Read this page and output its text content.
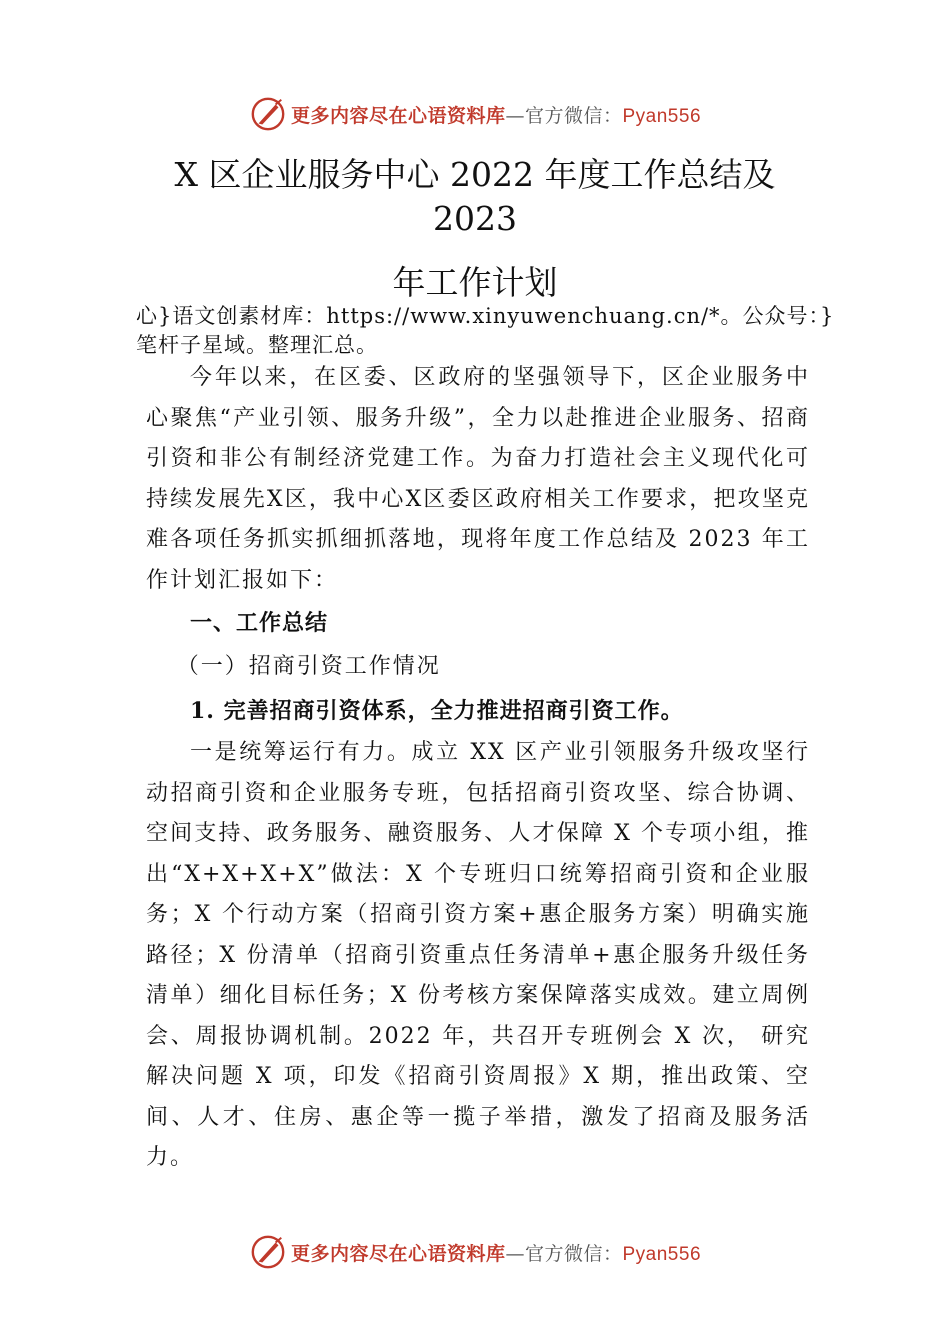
更多内容尽在心语资料库—官方微信：Pyan556
X 区企业服务中心 2022 年度工作总结及
2023
年工作计划

心}语文创素材库：https://www.xinyuwenchuang.cn/*。公众号：}笔杆子星域。整理汇总。

今年以来，在区委、区政府的坚强领导下，区企业服务中心聚焦“产业引领、服务升级”，全力以赴推进企业服务、招商引资和非公有制经济党建工作。为奋力打造社会主义现代化可持续发展先X区，我中心X区委区政府相关工作要求，把攻坚克难各项任务抓实抓细抓落地，现将年度工作总结及 2023 年工作计划汇报如下：

一、工作总结

（一）招商引资工作情况

1. 完善招商引资体系，全力推进招商引资工作。

一是统筹运行有力。成立 XX 区产业引领服务升级攻坚行动招商引资和企业服务专班，包括招商引资攻坚、综合协调、空间支持、政务服务、融资服务、人才保障 X 个专项小组，推出“X+X+X+X”做法：X 个专班归口统筹招商引资和企业服务；X 个行动方案（招商引资方案+惠企服务方案）明确实施路径；X 份清单（招商引资重点任务清单+惠企服务升级任务清单）细化目标任务；X 份考核方案保障落实成效。建立周例会、周报协调机制。2022 年，共召开专班例会 X 次， 研究解决问题 X 项，印发《招商引资周报》X 期，推出政策、空间、人才、住房、惠企等一揽子举措，激发了招商及服务活力。

更多内容尽在心语资料库—官方微信：Pyan556
